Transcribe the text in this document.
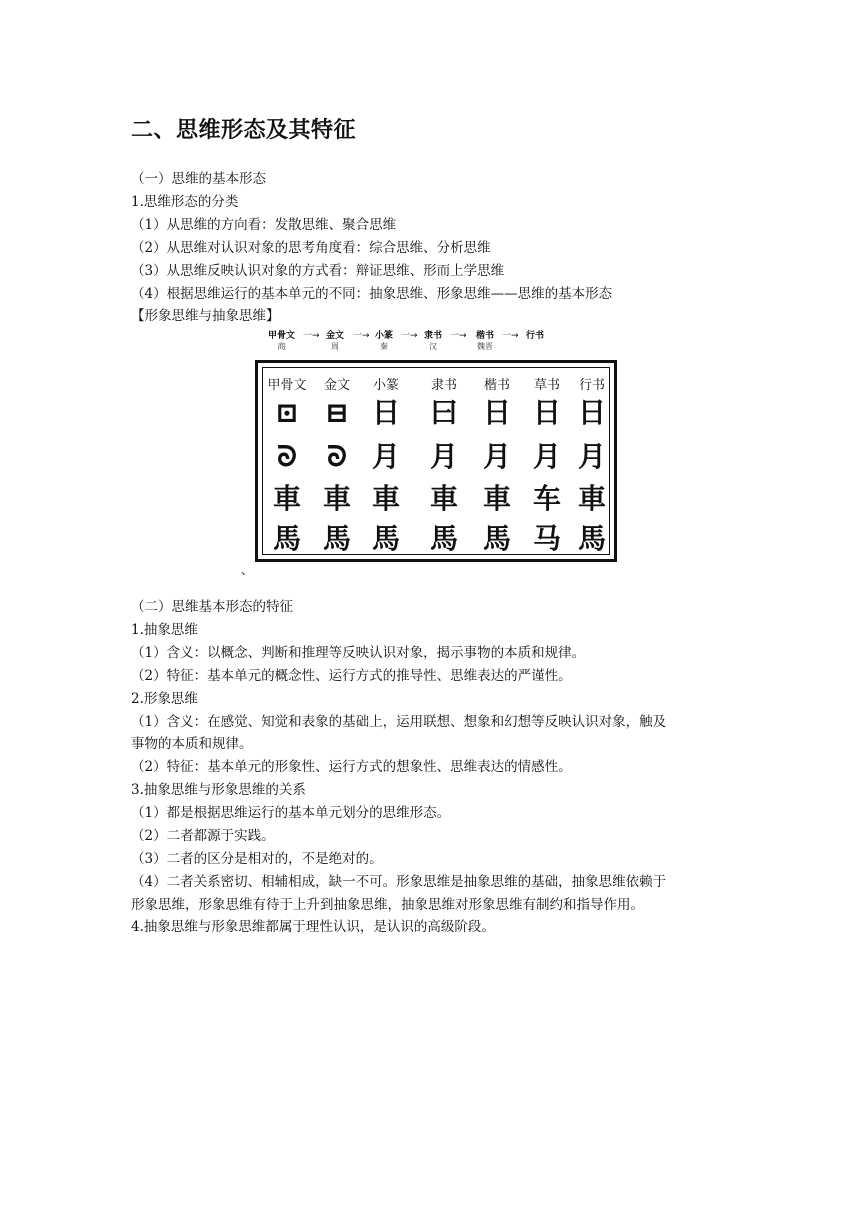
二、思维形态及其特征
（一）思维的基本形态
1.思维形态的分类
（1）从思维的方向看：发散思维、聚合思维
（2）从思维对认识对象的思考角度看：综合思维、分析思维
（3）从思维反映认识对象的方式看：辩证思维、形而上学思维
（4）根据思维运行的基本单元的不同：抽象思维、形象思维——思维的基本形态
【形象思维与抽象思维】
甲骨文
商
一→ 金文
周
一→ 小篆
秦
一→ 隶书
汉
一→ 楷书
魏晋
一→ 行书
甲骨文	金文	小篆	隶书	楷书	草书	行书
⊡ ⊟ 日 曰 日 日 日
ᘐ	ᘐ 月 月 月 月 月
車 車 車 車 車 车 車
馬 馬 馬 馬 馬 马 馬
、
（二）思维基本形态的特征
1.抽象思维
（1）含义：以概念、判断和推理等反映认识对象，揭示事物的本质和规律。
（2）特征：基本单元的概念性、运行方式的推导性、思维表达的严谨性。
2.形象思维
（1）含义：在感觉、知觉和表象的基础上，运用联想、想象和幻想等反映认识对象，触及
事物的本质和规律。
（2）特征：基本单元的形象性、运行方式的想象性、思维表达的情感性。
3.抽象思维与形象思维的关系
（1）都是根据思维运行的基本单元划分的思维形态。
（2）二者都源于实践。
（3）二者的区分是相对的，不是绝对的。
（4）二者关系密切、相辅相成，缺一不可。形象思维是抽象思维的基础，抽象思维依赖于
形象思维，形象思维有待于上升到抽象思维，抽象思维对形象思维有制约和指导作用。
4.抽象思维与形象思维都属于理性认识，是认识的高级阶段。
